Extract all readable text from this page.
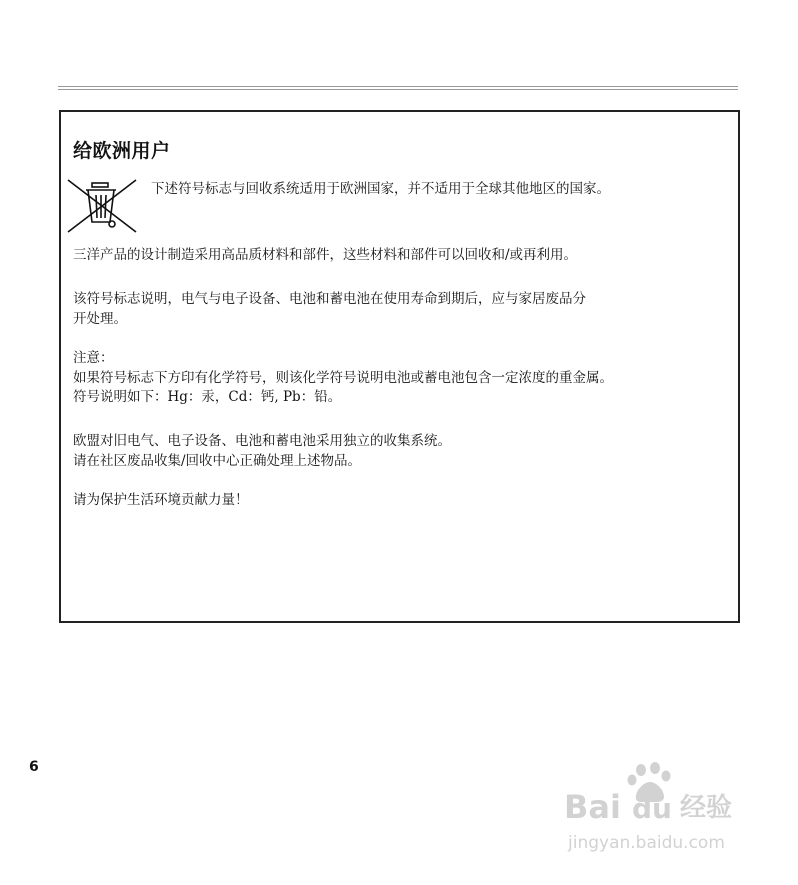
给欧洲用户

下述符号标志与回收系统适用于欧洲国家，并不适用于全球其他地区的国家。

三洋产品的设计制造采用高品质材料和部件，这些材料和部件可以回收和/或再利用。

该符号标志说明，电气与电子设备、电池和蓄电池在使用寿命到期后，应与家居废品分

开处理。

注意：

如果符号标志下方印有化学符号，则该化学符号说明电池或蓄电池包含一定浓度的重金属。

符号说明如下：Hg：汞，Cd：钙, Pb：铅。

欧盟对旧电气、电子设备、电池和蓄电池采用独立的收集系统。

请在社区废品收集/回收中心正确处理上述物品。

请为保护生活环境贡献力量！

6
Bai du 经验
jingyan.baidu.com
